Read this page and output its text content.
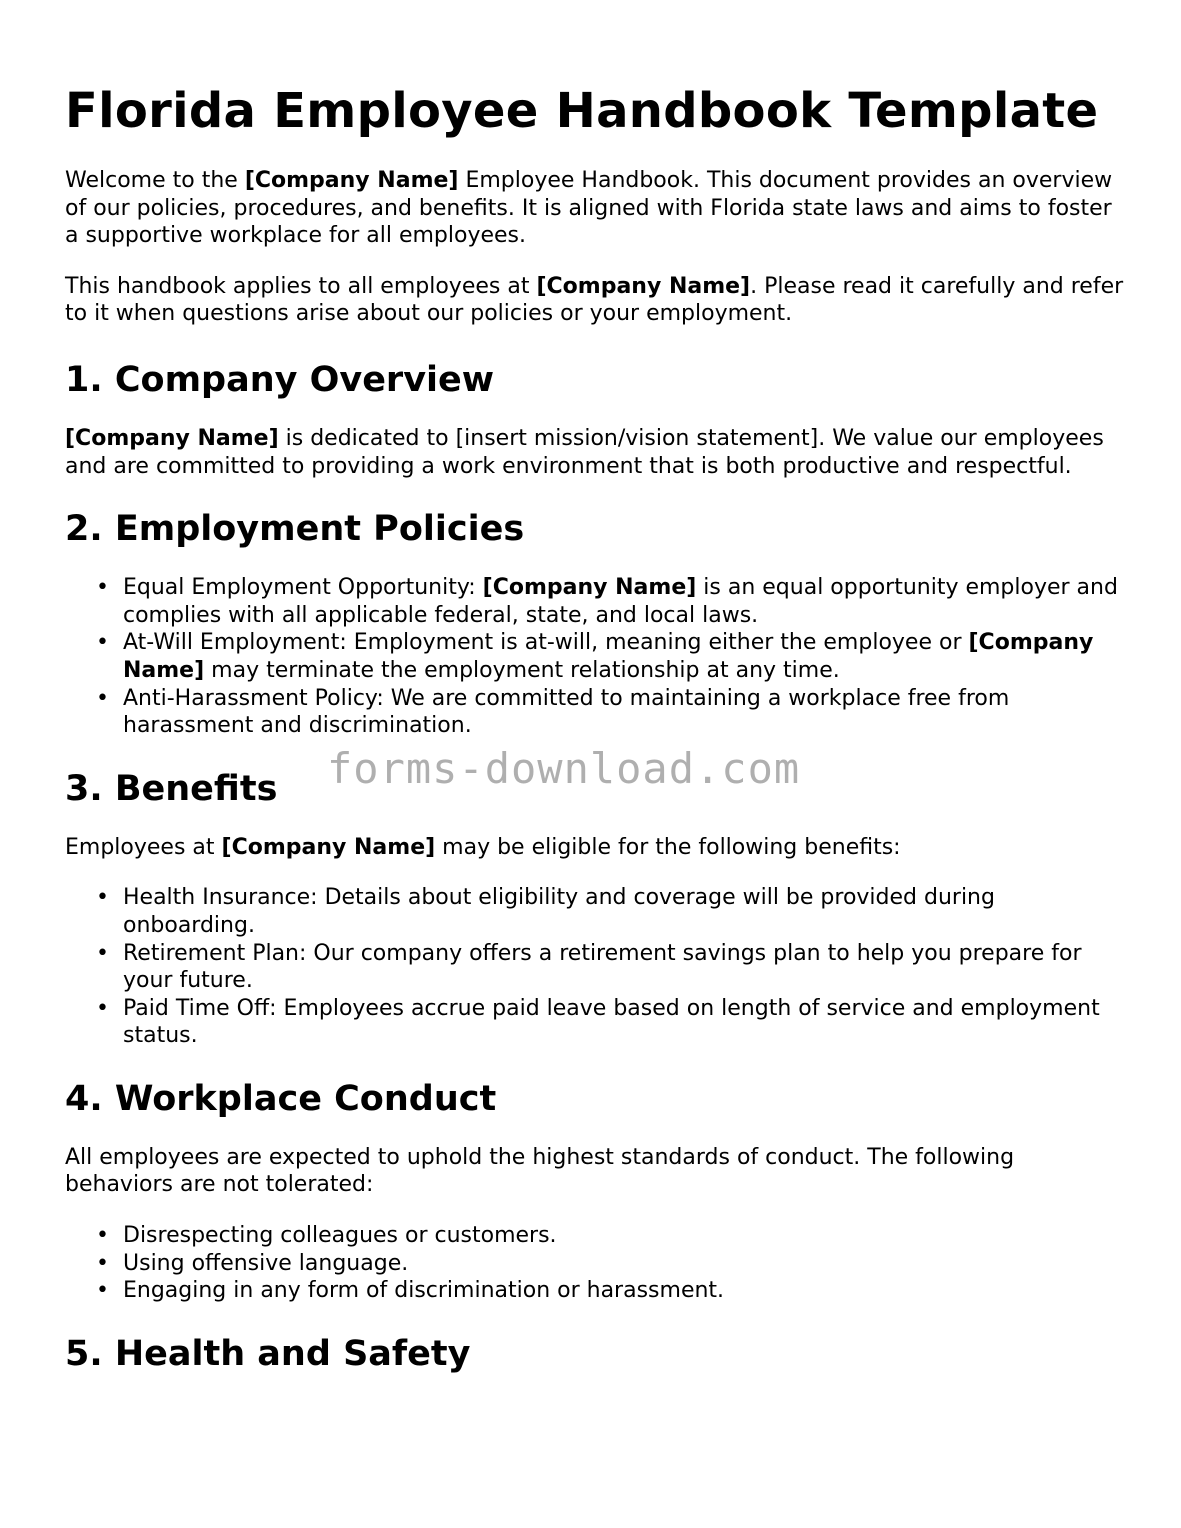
Florida Employee Handbook Template

Welcome to the [Company Name] Employee Handbook. This document provides an overview of our policies, procedures, and benefits. It is aligned with Florida state laws and aims to foster a supportive workplace for all employees.

This handbook applies to all employees at [Company Name]. Please read it carefully and refer to it when questions arise about our policies or your employment.

1. Company Overview

[Company Name] is dedicated to [insert mission/vision statement]. We value our employees and are committed to providing a work environment that is both productive and respectful.

2. Employment Policies
• Equal Employment Opportunity: [Company Name] is an equal opportunity employer and complies with all applicable federal, state, and local laws.
• At-Will Employment: Employment is at-will, meaning either the employee or [Company Name] may terminate the employment relationship at any time.
• Anti-Harassment Policy: We are committed to maintaining a workplace free from harassment and discrimination.
3. Benefits

Employees at [Company Name] may be eligible for the following benefits:

• Health Insurance: Details about eligibility and coverage will be provided during onboarding.
• Retirement Plan: Our company offers a retirement savings plan to help you prepare for your future.
• Paid Time Off: Employees accrue paid leave based on length of service and employment status.
4. Workplace Conduct

All employees are expected to uphold the highest standards of conduct. The following behaviors are not tolerated:

• Disrespecting colleagues or customers.
• Using offensive language.
• Engaging in any form of discrimination or harassment.
5. Health and Safety
forms-download.com
